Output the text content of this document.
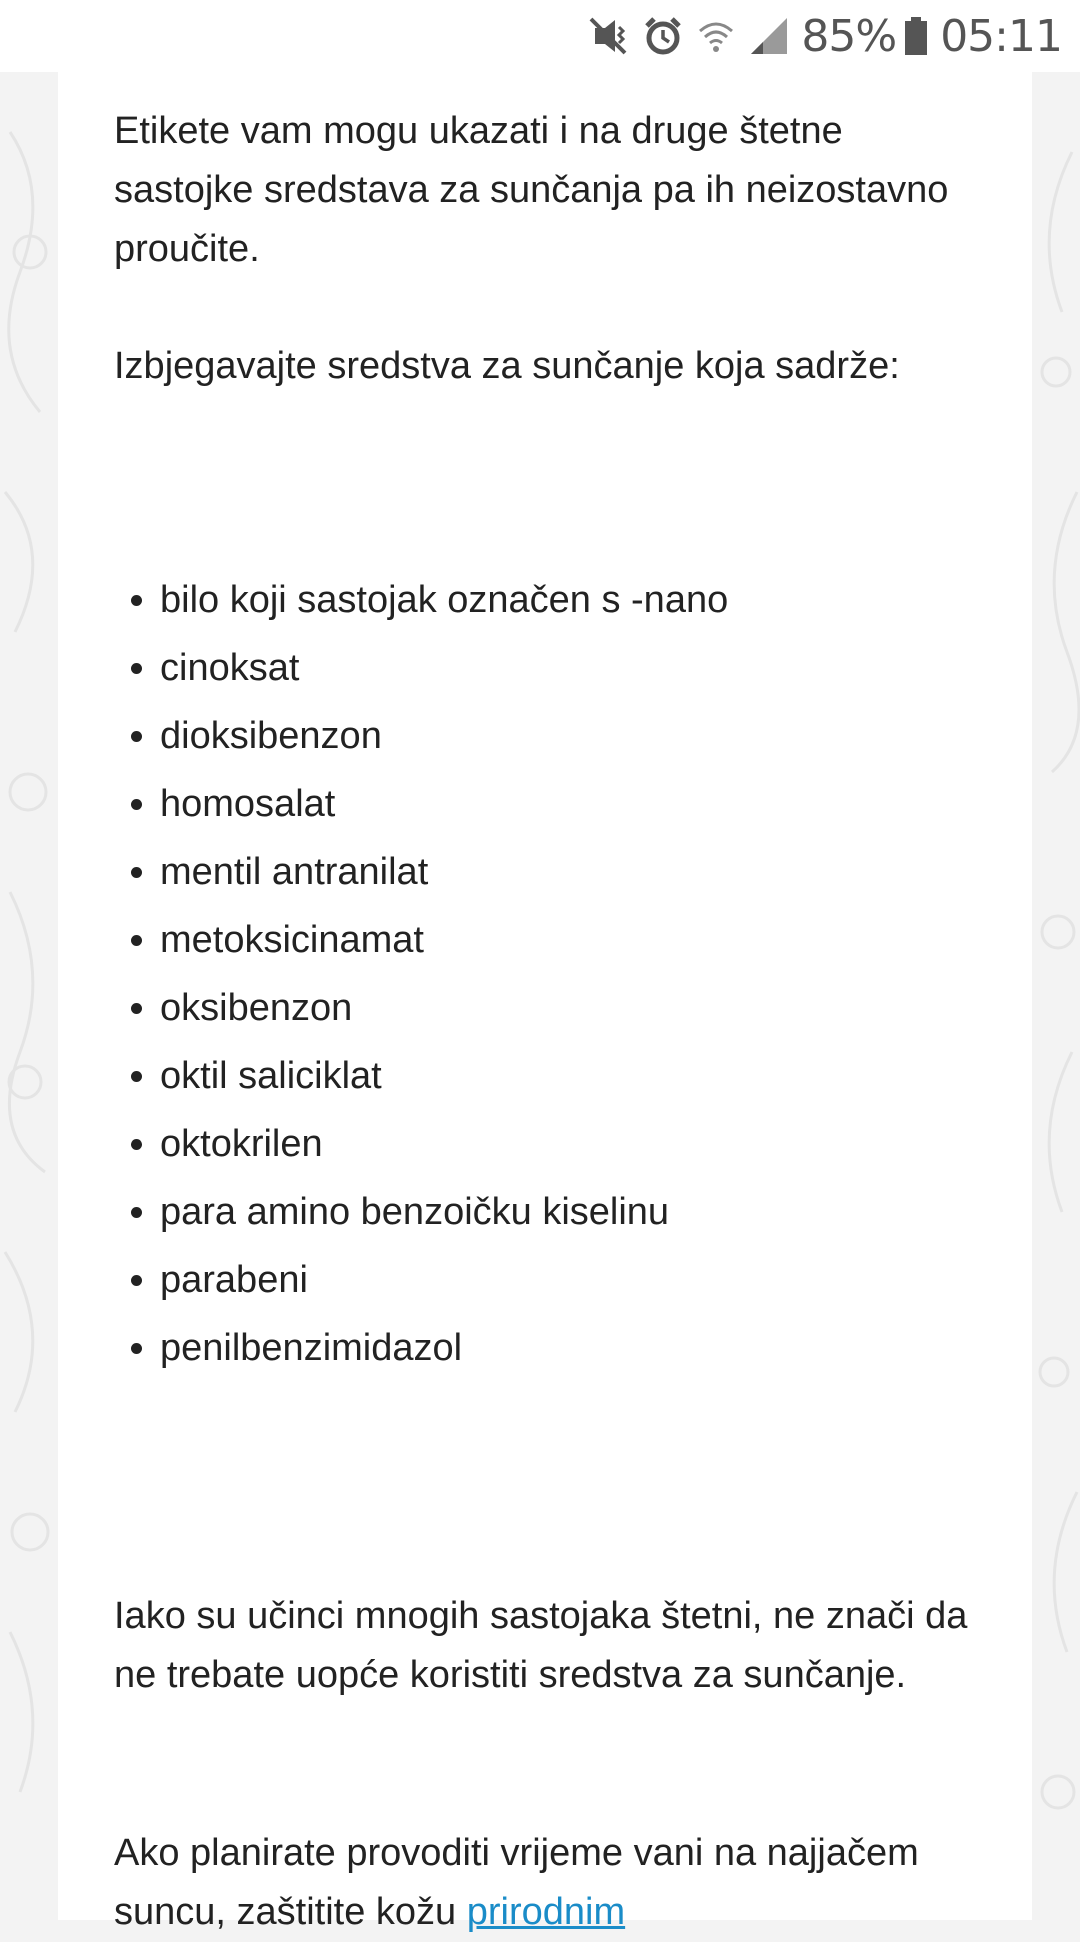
85% 05:11

Etikete vam mogu ukazati i na druge štetne sastojke sredstava za sunčanja pa ih neizostavno proučite.

Izbjegavajte sredstva za sunčanje koja sadrže:

• bilo koji sastojak označen s -nano
• cinoksat
• dioksibenzon
• homosalat
• mentil antranilat
• metoksicinamat
• oksibenzon
• oktil saliciklat
• oktokrilen
• para amino benzoičku kiselinu
• parabeni
• penilbenzimidazol

Iako su učinci mnogih sastojaka štetni, ne znači da ne trebate uopće koristiti sredstva za sunčanje.

Ako planirate provoditi vrijeme vani na najjačem suncu, zaštitite kožu prirodnim
